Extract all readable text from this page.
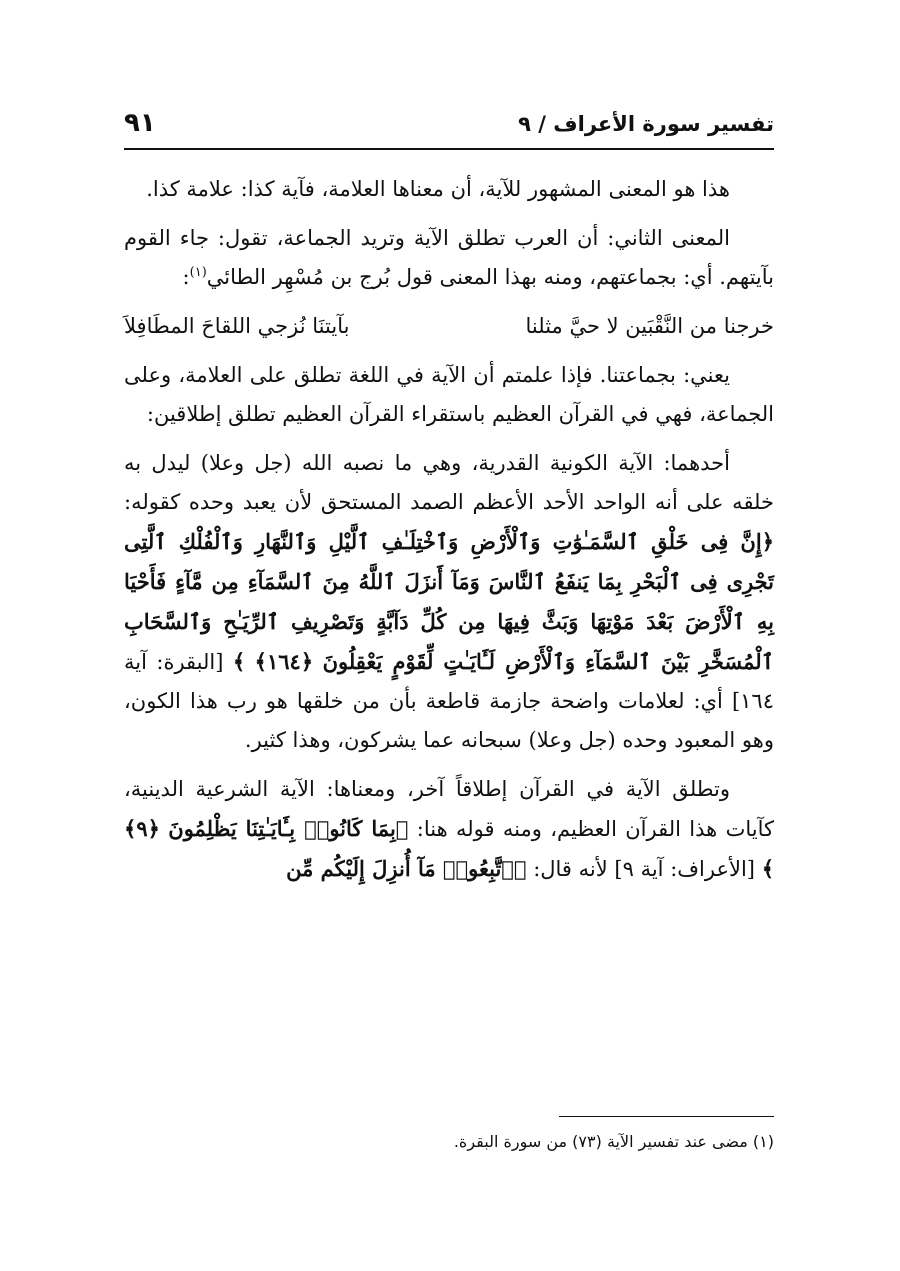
تفسير سورة الأعراف / ٩
٩١

هذا هو المعنى المشهور للآية، أن معناها العلامة، فآية كذا: علامة كذا.

المعنى الثاني: أن العرب تطلق الآية وتريد الجماعة، تقول: جاء القوم بآيتهم. أي: بجماعتهم، ومنه بهذا المعنى قول بُرج بن مُسْهِر الطائي$^{(١)}$:

خرجنا من النَّقْبَين لا حيَّ مثلنا
بآيتنَا نُزجي اللقاحَ المطَافِلاَ

يعني: بجماعتنا. فإذا علمتم أن الآية في اللغة تطلق على العلامة، وعلى الجماعة، فهي في القرآن العظيم باستقراء القرآن العظيم تطلق إطلاقين:

أحدهما: الآية الكونية القدرية، وهي ما نصبه الله (جل وعلا) ليدل به خلقه على أنه الواحد الأحد الأعظم الصمد المستحق لأن يعبد وحده كقوله: ﴿إِنَّ فِى خَلْقِ ٱلسَّمَـٰوَٰتِ وَٱلْأَرْضِ وَٱخْتِلَـٰفِ ٱلَّيْلِ وَٱلنَّهَارِ وَٱلْفُلْكِ ٱلَّتِى تَجْرِى فِى ٱلْبَحْرِ بِمَا يَنفَعُ ٱلنَّاسَ وَمَآ أَنزَلَ ٱللَّهُ مِنَ ٱلسَّمَآءِ مِن مَّآءٍ فَأَحْيَا بِهِ ٱلْأَرْضَ بَعْدَ مَوْتِهَا وَبَثَّ فِيهَا مِن كُلِّ دَآبَّةٍ وَتَصْرِيفِ ٱلرِّيَـٰحِ وَٱلسَّحَابِ ٱلْمُسَخَّرِ بَيْنَ ٱلسَّمَآءِ وَٱلْأَرْضِ لَـَٔايَـٰتٍ لِّقَوْمٍ يَعْقِلُونَ ﴿١٦٤﴾ ﴾ [البقرة: آية ١٦٤] أي: لعلامات واضحة جازمة قاطعة بأن من خلقها هو رب هذا الكون، وهو المعبود وحده (جل وعلا) سبحانه عما يشركون، وهذا كثير.

وتطلق الآية في القرآن إطلاقاً آخر، ومعناها: الآية الشرعية الدينية، كآيات هذا القرآن العظيم، ومنه قوله هنا: ﴿بِمَا كَانُوا۟ بِـَٔايَـٰتِنَا يَظْلِمُونَ ﴿٩﴾ ﴾ [الأعراف: آية ٩] لأنه قال: ﴿ٱتَّبِعُوا۟ مَآ أُنزِلَ إِلَيْكُم مِّن

(١) مضى عند تفسير الآية (٧٣) من سورة البقرة.
